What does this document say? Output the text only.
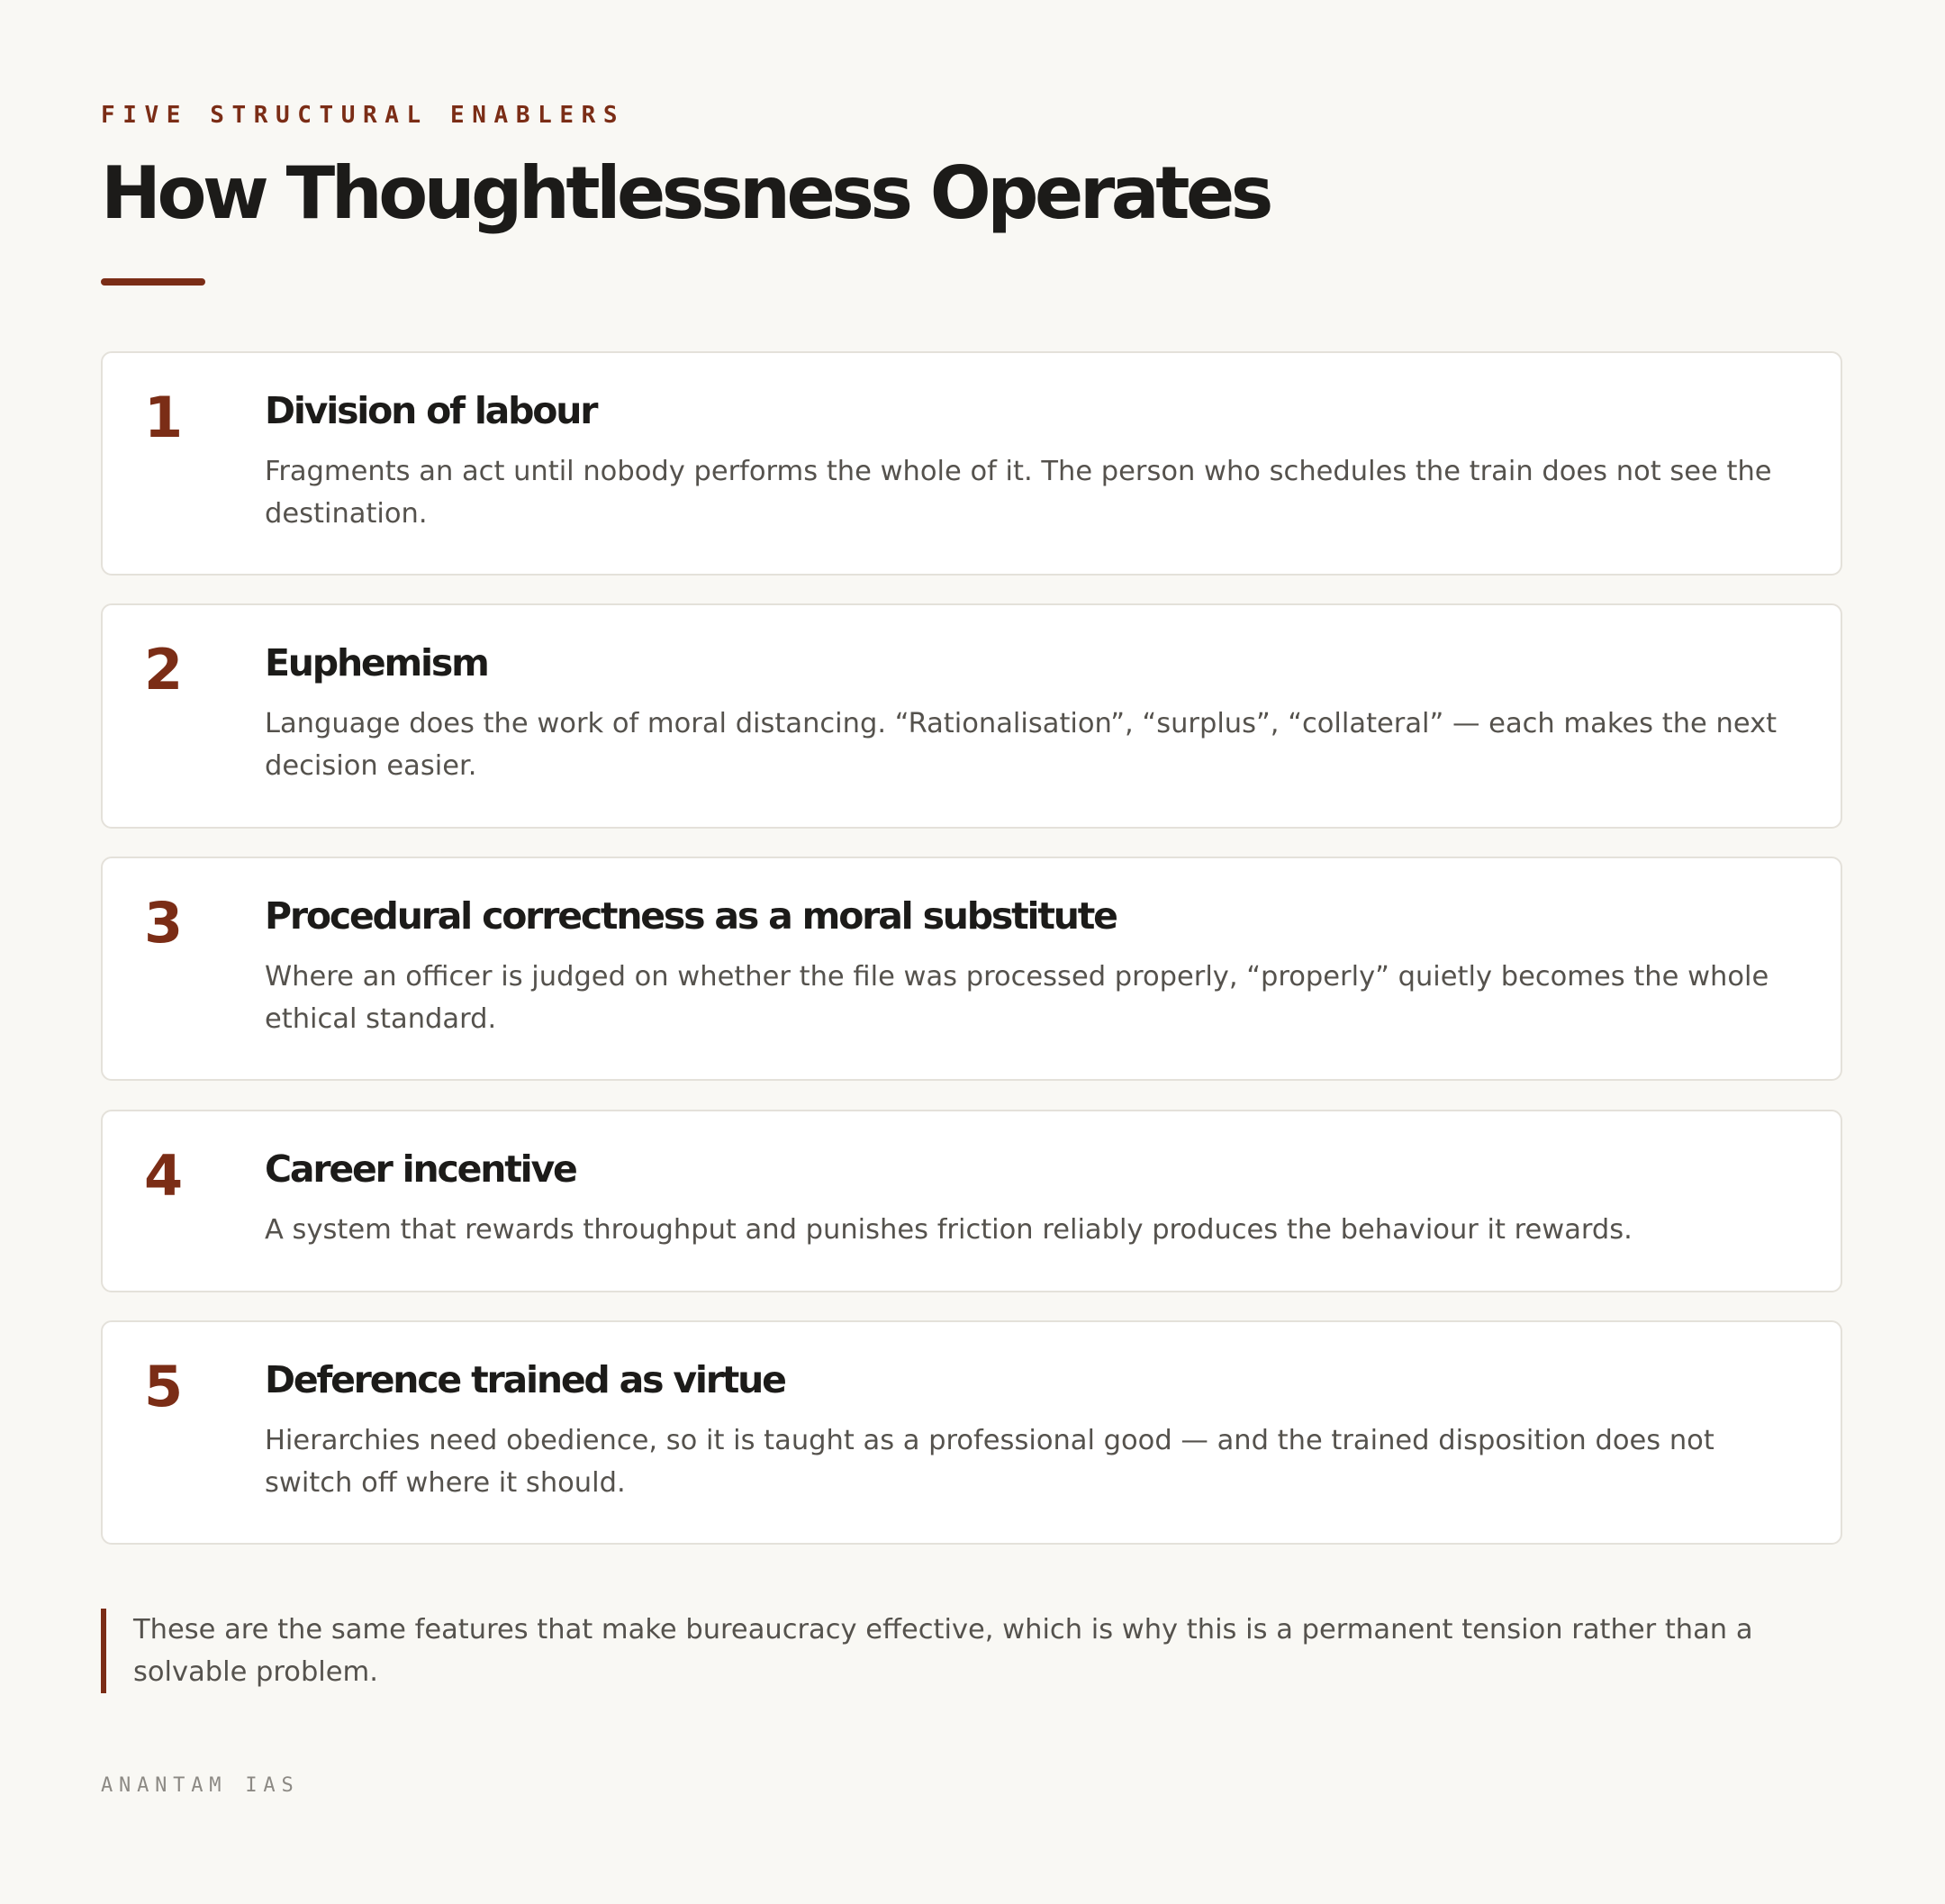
FIVE STRUCTURAL ENABLERS
How Thoughtlessness Operates
1	Division of labour

Fragments an act until nobody performs the whole of it. The person who schedules the train does not see the destination.

2	Euphemism

Language does the work of moral distancing. “Rationalisation”, “surplus”, “collateral” — each makes the next decision easier.

3	Procedural correctness as a moral substitute

Where an officer is judged on whether the file was processed properly, “properly” quietly becomes the whole ethical standard.

4	Career incentive

A system that rewards throughput and punishes friction reliably produces the behaviour it rewards.

5	Deference trained as virtue

Hierarchies need obedience, so it is taught as a professional good — and the trained disposition does not switch off where it should.

These are the same features that make bureaucracy effective, which is why this is a permanent tension rather than a solvable problem.
ANANTAM IAS
